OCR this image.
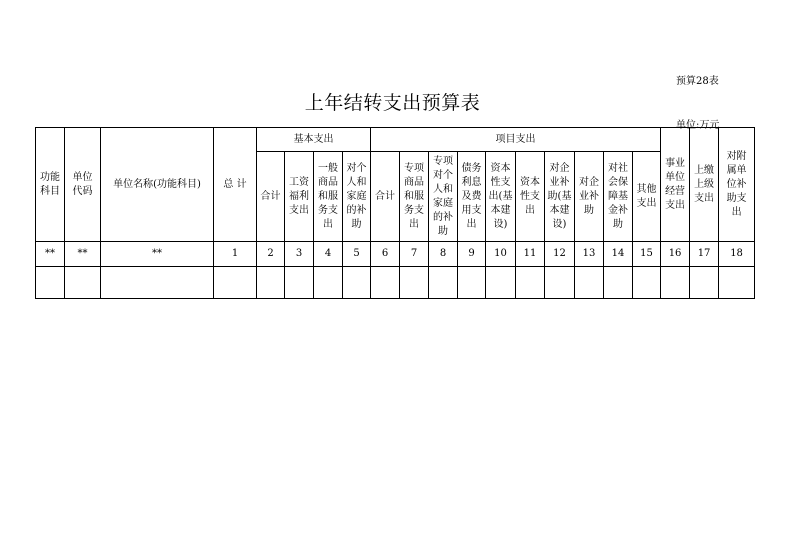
预算28表
上年结转支出预算表
单位:万元
功能科目	单位代码	单位名称(功能科目)	总 计	基本支出				项目支出										事业单位经营支出	上缴上级支出	对附属单位补助支出
				合计	工资福利支出	一般商品和服务支出	对个人和家庭的补助	合计	专项商品和服务支出	专项对个人和家庭的补助	债务利息及费用支出	资本性支出(基本建设)	资本性支出	对企业补助(基本建设)	对企业补助	对社会保障基金补助	其他支出			
**	**	**	1	2	3	4	5	6	7	8	9	10	11	12	13	14	15	16	17	18
